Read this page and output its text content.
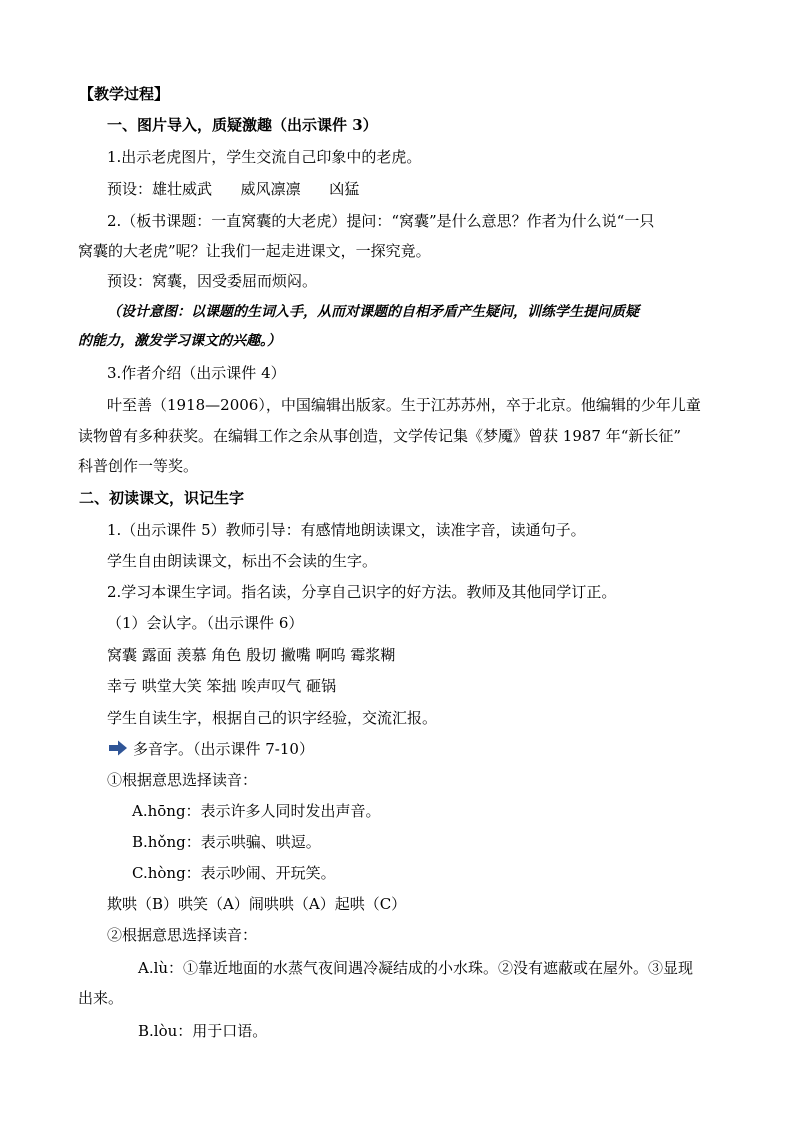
【教学过程】
一、图片导入，质疑激趣（出示课件 3）
1.出示老虎图片，学生交流自己印象中的老虎。
预设：雄壮威武      威风凛凛      凶猛
2.（板书课题：一直窝囊的大老虎）提问：“窝囊”是什么意思？作者为什么说“一只
窝囊的大老虎”呢？让我们一起走进课文，一探究竟。
预设：窝囊，因受委屈而烦闷。
（设计意图：以课题的生词入手，从而对课题的自相矛盾产生疑问，训练学生提问质疑
的能力，激发学习课文的兴趣。）
3.作者介绍（出示课件 4）
叶至善（1918—2006），中国编辑出版家。生于江苏苏州，卒于北京。他编辑的少年儿童
读物曾有多种获奖。在编辑工作之余从事创造，文学传记集《梦魇》曾获 1987 年“新长征”
科普创作一等奖。
二、初读课文，识记生字
1.（出示课件 5）教师引导：有感情地朗读课文，读准字音，读通句子。
学生自由朗读课文，标出不会读的生字。
2.学习本课生字词。指名读，分享自己识字的好方法。教师及其他同学订正。
（1）会认字。（出示课件 6）
窝囊 露面 羡慕 角色 殷切 撇嘴 啊呜 霉浆糊
幸亏 哄堂大笑 笨拙 唉声叹气 砸锅
学生自读生字，根据自己的识字经验，交流汇报。
多音字。（出示课件 7-10）
①根据意思选择读音：
A.hōng：表示许多人同时发出声音。
B.hǒng：表示哄骗、哄逗。
C.hòng：表示吵闹、开玩笑。
欺哄（B）哄笑（A）闹哄哄（A）起哄（C）
②根据意思选择读音：
A.lù：①靠近地面的水蒸气夜间遇冷凝结成的小水珠。②没有遮蔽或在屋外。③显现
出来。
B.lòu：用于口语。
